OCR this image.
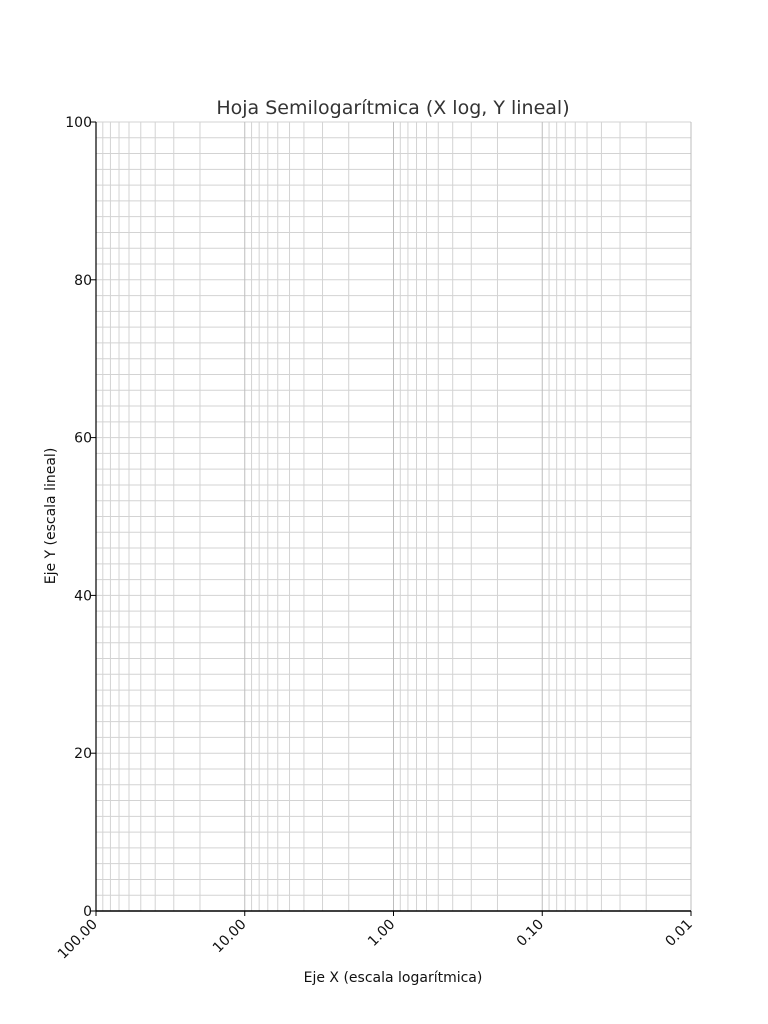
Hoja Semilogarítmica (X log, Y lineal)
0
20
40
60
80
100
100.00	10.00	1.00	0.10	0.01
Eje X (escala logarítmica)
Eje Y (escala lineal)
